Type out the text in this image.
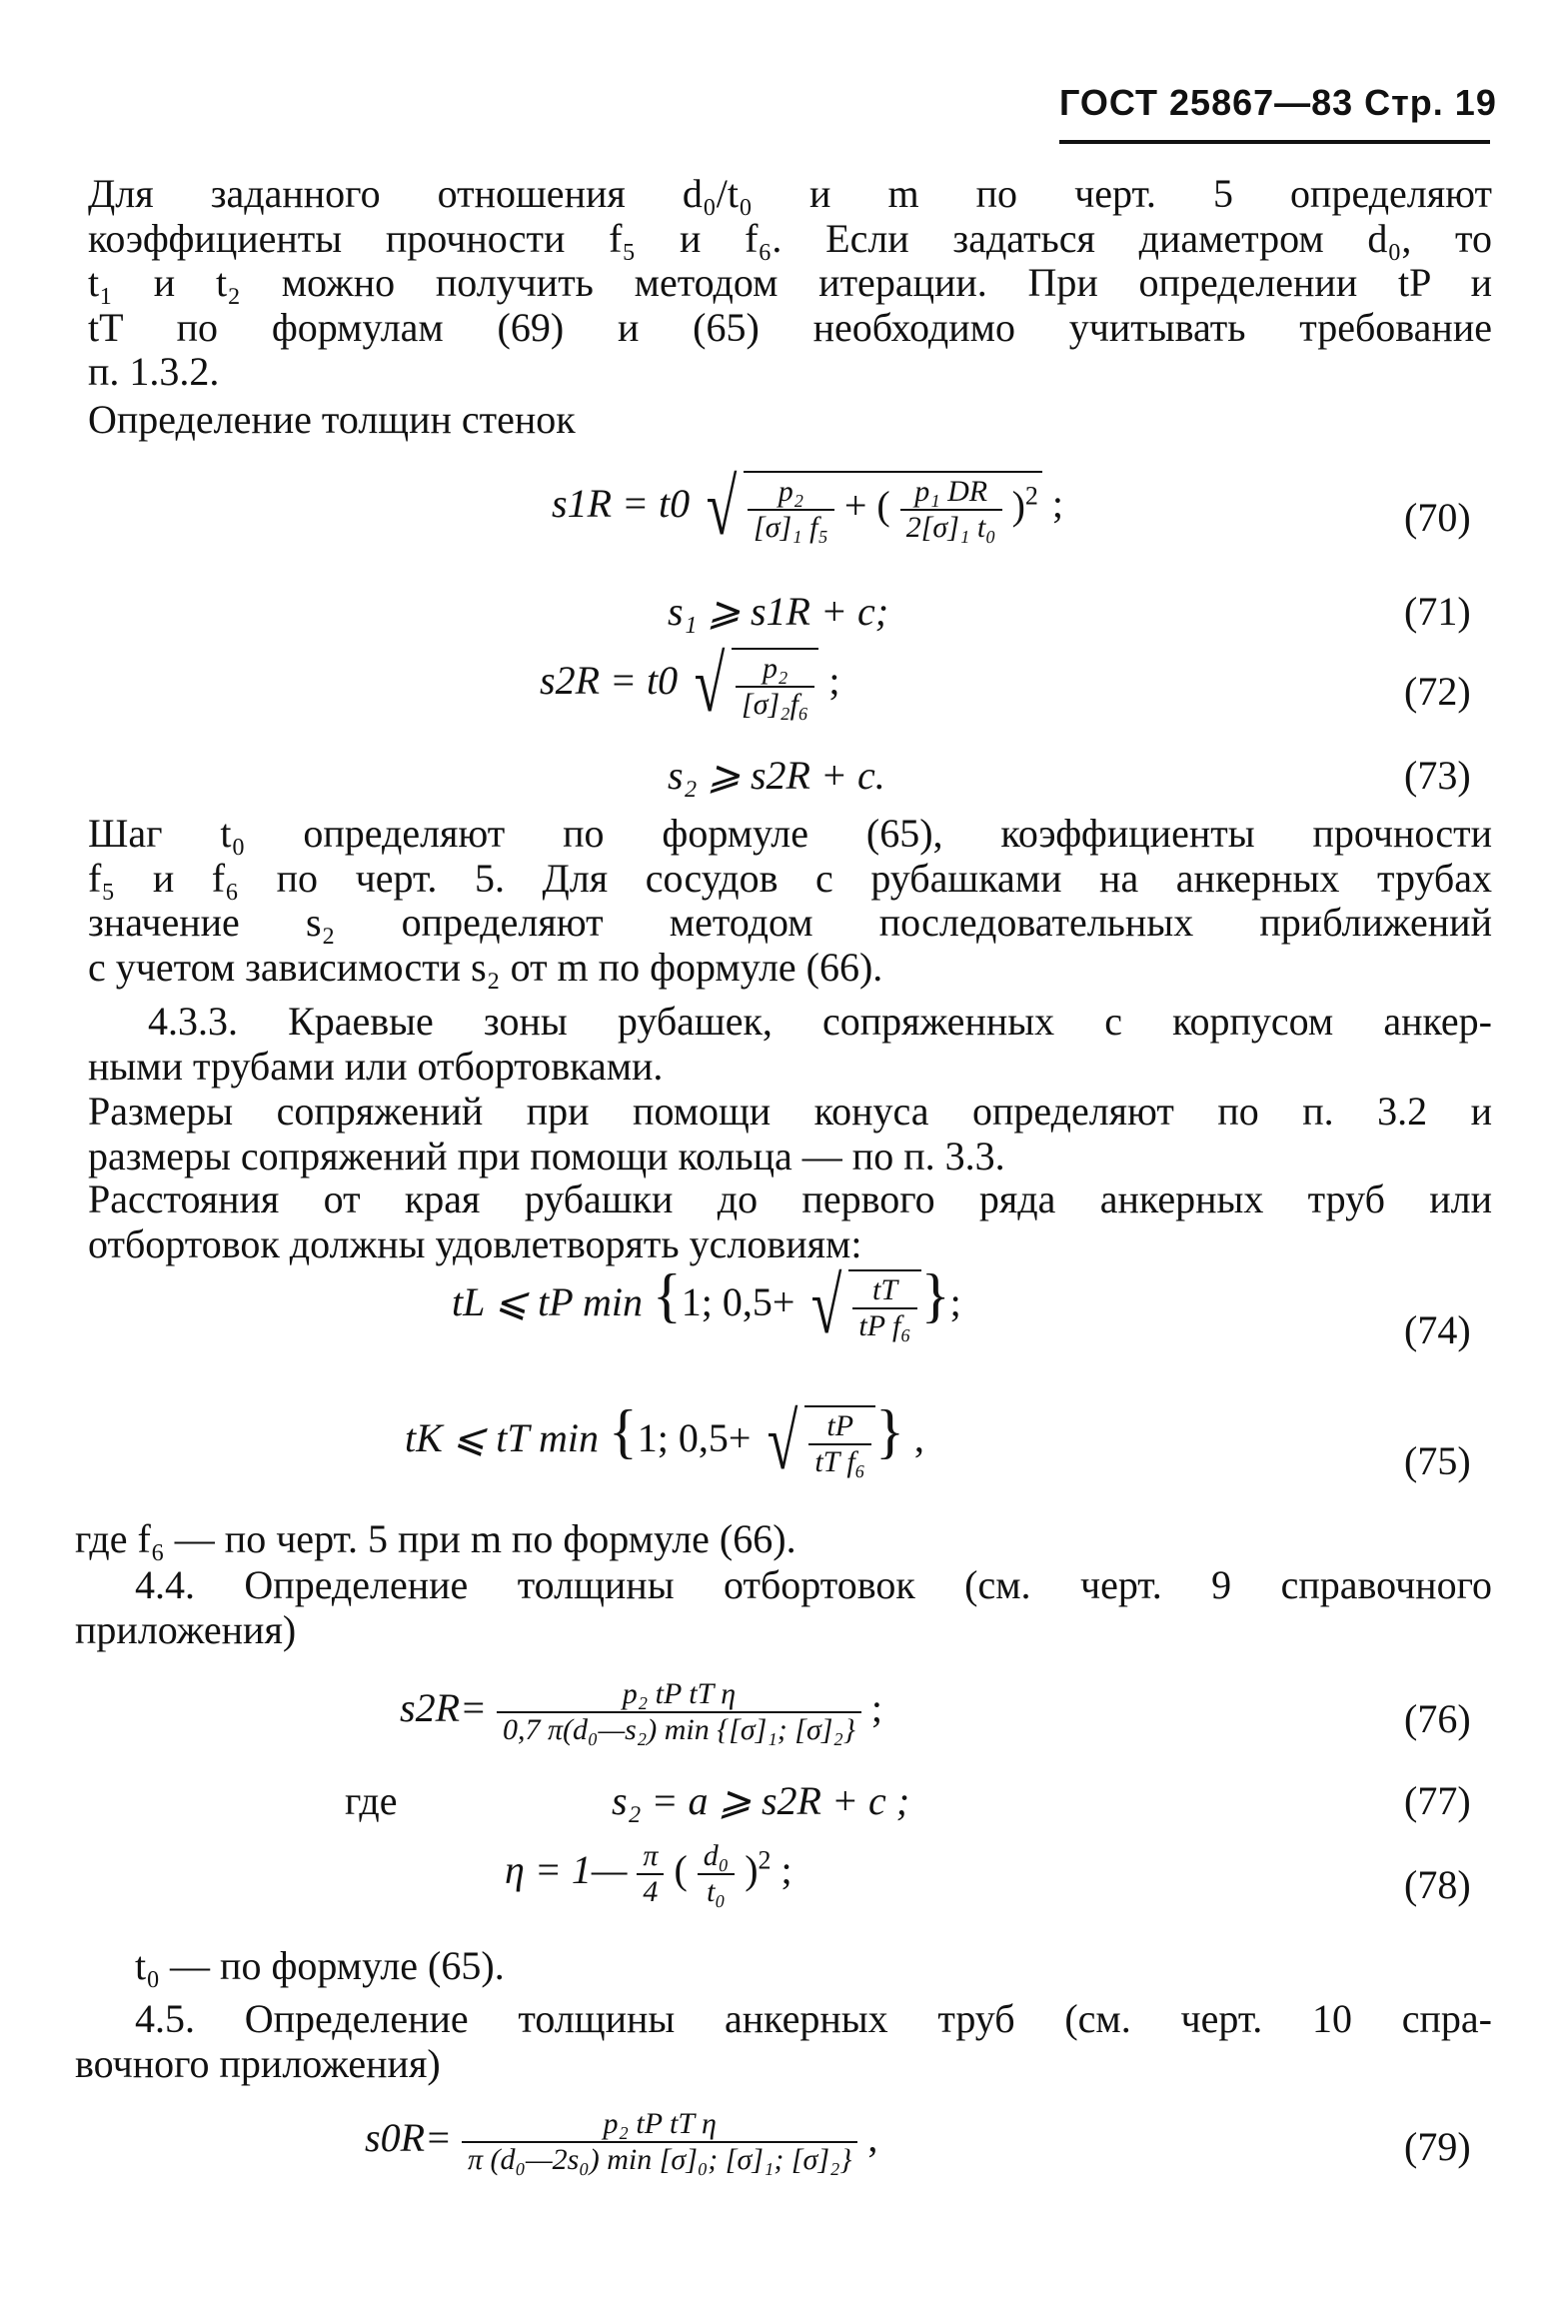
ГОСТ 25867—83 Стр. 19
Для заданного отношения d₀/t₀ и m по черт. 5 определяют
коэффициенты прочности f₅ и f₆. Если задаться диаметром d₀, то
t₁ и t₂ можно получить методом итерации. При определении tP и
tT по формулам (69) и (65) необходимо учитывать требование
п. 1.3.2.
Определение толщин стенок
s1R = t0 √ $\frac{\text{p₂}}{\text{[σ]₁ f₅}}$ + ( $\frac{\text{p₁ DR}}{\text{2[σ]₁ t₀}} )^2$ ;	(70)
s₁ ⩾ s1R + c;	(71)
s2R = t0 √ $\frac{\text{p₂}}{\text{[σ]₂f₆}}$ ;	(72)
s₂ ⩾ s2R + c.	(73)
Шаг t₀ определяют по формуле (65), коэффициенты прочности
f₅ и f₆ по черт. 5. Для сосудов с рубашками на анкерных трубах
значение s₂ определяют методом последовательных приближений
с учетом зависимости s₂ от m по формуле (66).
4.3.3. Краевые зоны рубашек, сопряженных с корпусом анкер-
ными трубами или отбортовками.
Размеры сопряжений при помощи конуса определяют по п. 3.2 и
размеры сопряжений при помощи кольца — по п. 3.3.
Расстояния от края рубашки до первого ряда анкерных труб или
отбортовок должны удовлетворять условиям:
tL ⩽ tP min {1; 0,5+ √ $\frac{tT}{\text{tP f₆}}$ };
(74)
tK ⩽ tT min {1; 0,5+ √ $\frac{tP}{\text{tT f₆}}$ } ,
(75)
где f₆ — по черт. 5 при m по формуле (66).
4.4. Определение толщины отбортовок (см. черт. 9 справочного
приложения)
$s2R= \frac{\text{p₂ tP tT η}}{\text{0,7 π(d₀—s₂) min \{[σ]₁; [σ]₂\}}}$ ;	(76)
где	s₂ = a ⩾ s2R + c ;	(77)
η = 1— $\frac{\pi}{4}$ ( $\frac{\text{d₀}}{\text{t₀}} )^2$ ;	(78)
t₀ — по формуле (65).
4.5. Определение толщины анкерных труб (см. черт. 10 спра-
вочного приложения)
$s0R= \frac{\text{p₂ tP tT η}}{\text{π (d₀—2s₀) min [σ]₀; [σ]₁; [σ]₂\}}}$ ,	(79)
